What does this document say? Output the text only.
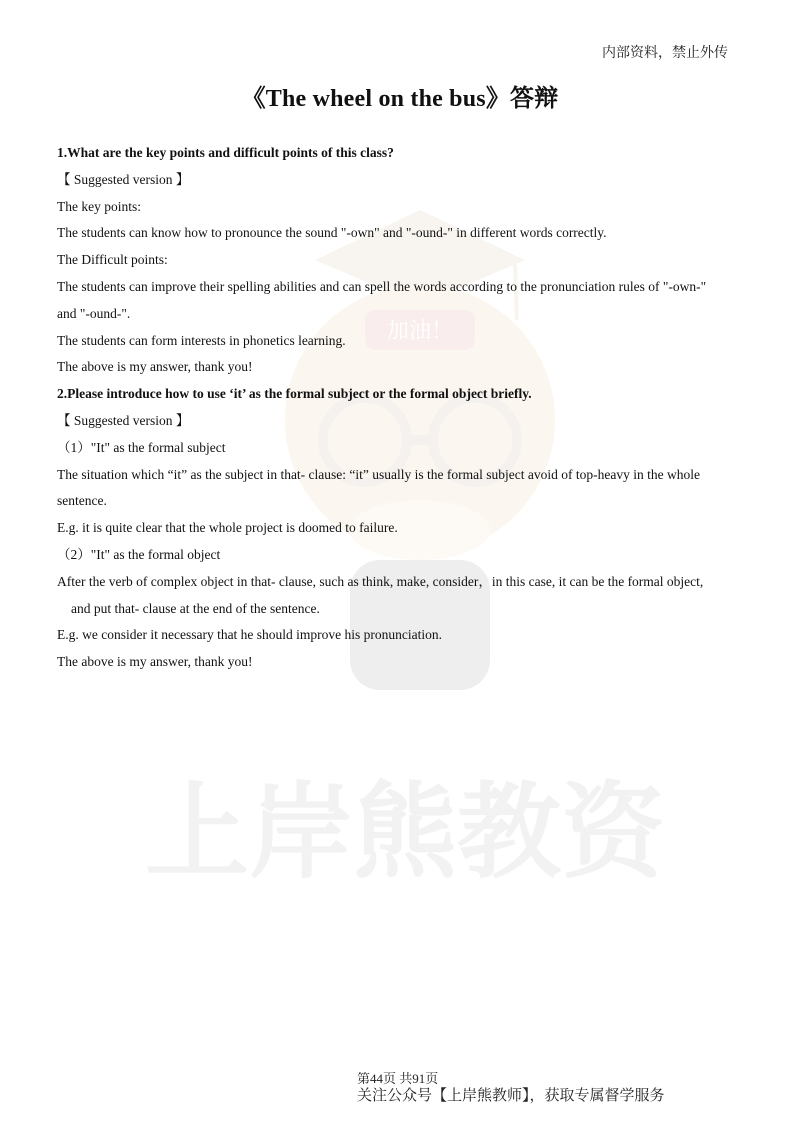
加油！
上岸熊教资
内部资料，禁止外传
《The wheel on the bus》答辩
1.What are the key points and difficult points of this class?
【 Suggested version 】
The key points:
The students can know how to pronounce the sound "-own" and "-ound-" in different words correctly.
The Difficult points:
The students can improve their spelling abilities and can spell the words according to the pronunciation rules of "-own-"
and "-ound-".
The students can form interests in phonetics learning.
The above is my answer, thank you!
2.Please introduce how to use ‘it’ as the formal subject or the formal object briefly.
【 Suggested version 】
（1）"It" as the formal subject
The situation which “it” as the subject in that- clause: “it” usually is the formal subject avoid of top-heavy in the whole
sentence.
E.g. it is quite clear that the whole project is doomed to failure.
（2）"It" as the formal object
After the verb of complex object in that- clause, such as think, make, consider，in this case, it can be the formal object,
and put that- clause at the end of the sentence.
E.g. we consider it necessary that he should improve his pronunciation.
The above is my answer, thank you!
第44页 共91页
关注公众号【上岸熊教师】，获取专属督学服务
